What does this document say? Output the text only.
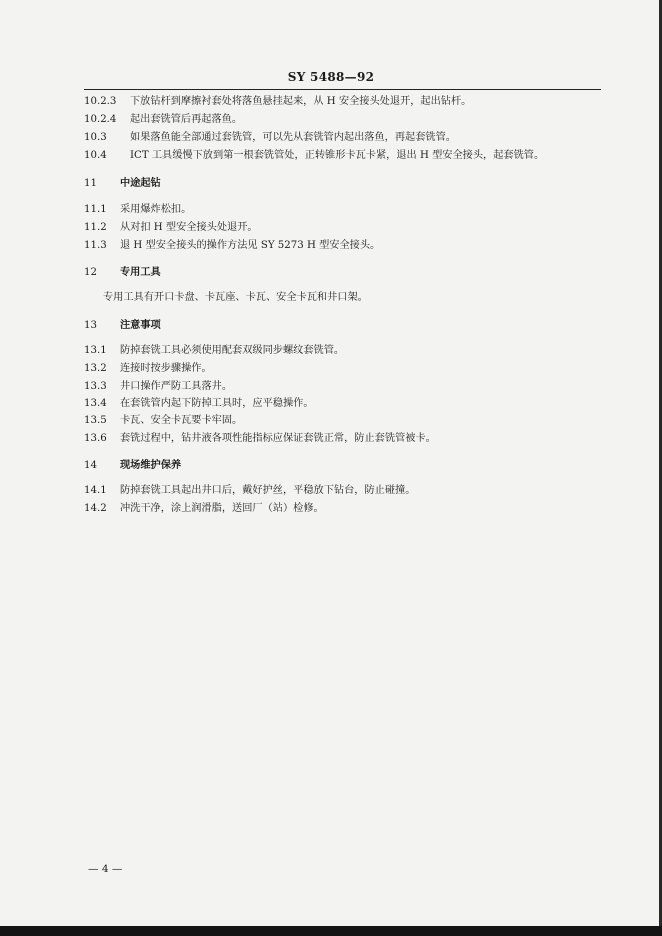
SY 5488—92
10.2.3 下放钻杆到摩擦衬套处将落鱼悬挂起来，从 H 安全接头处退开，起出钻杆。
10.2.4 起出套铣管后再起落鱼。
10.3 如果落鱼能全部通过套铣管，可以先从套铣管内起出落鱼，再起套铣管。
10.4 ICT 工具缓慢下放到第一根套铣管处，正转锥形卡瓦卡紧，退出 H 型安全接头，起套铣管。
11 中途起钻
11.1 采用爆炸松扣。
11.2 从对扣 H 型安全接头处退开。
11.3 退 H 型安全接头的操作方法见 SY 5273 H 型安全接头。
12 专用工具
专用工具有开口卡盘、卡瓦座、卡瓦、安全卡瓦和井口架。
13 注意事项
13.1 防掉套铣工具必须使用配套双级同步螺纹套铣管。
13.2 连接时按步骤操作。
13.3 井口操作严防工具落井。
13.4 在套铣管内起下防掉工具时，应平稳操作。
13.5 卡瓦、安全卡瓦要卡牢固。
13.6 套铣过程中，钻井液各项性能指标应保证套铣正常，防止套铣管被卡。
14 现场维护保养
14.1 防掉套铣工具起出井口后，戴好护丝，平稳放下钻台，防止碰撞。
14.2 冲洗干净，涂上润滑脂，送回厂（站）检修。
— 4 —
